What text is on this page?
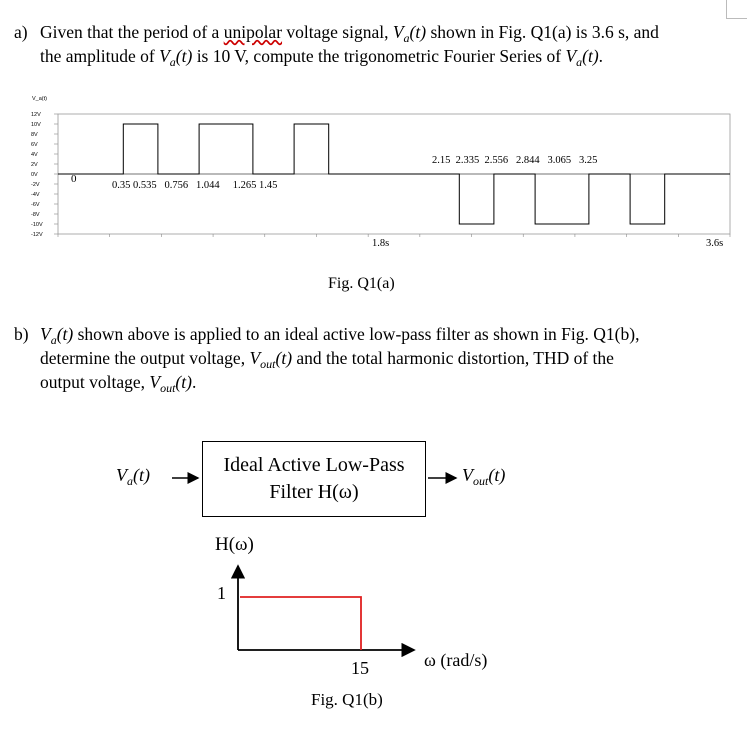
a) Given that the period of a unipolar voltage signal, $V_a(t)$ shown in Fig. Q1(a) is 3.6 s, and
the amplitude of $V_a(t)$ is 10 V, compute the trigonometric Fourier Series of $V_a(t)$.
V_a(t)
12V
10V
8V
6V
4V
2V
0V
-2V
-4V
-6V
-8V
-10V
-12V
0
0.35 0.535   0.756   1.044     1.265 1.45
2.15  2.335  2.556   2.844   3.065   3.25
1.8s	3.6s
Fig. Q1(a)
b) $V_a(t)$ shown above is applied to an ideal active low-pass filter as shown in Fig. Q1(b),
determine the output voltage, $V_{out}(t)$ and the total harmonic distortion, THD of the
output voltage, $V_{out}(t)$.
$V_a(t)$	Ideal Active Low-Pass
Filter H(ω)
$V_{out}(t)$
H(ω)
1
15	ω (rad/s)
Fig. Q1(b)
